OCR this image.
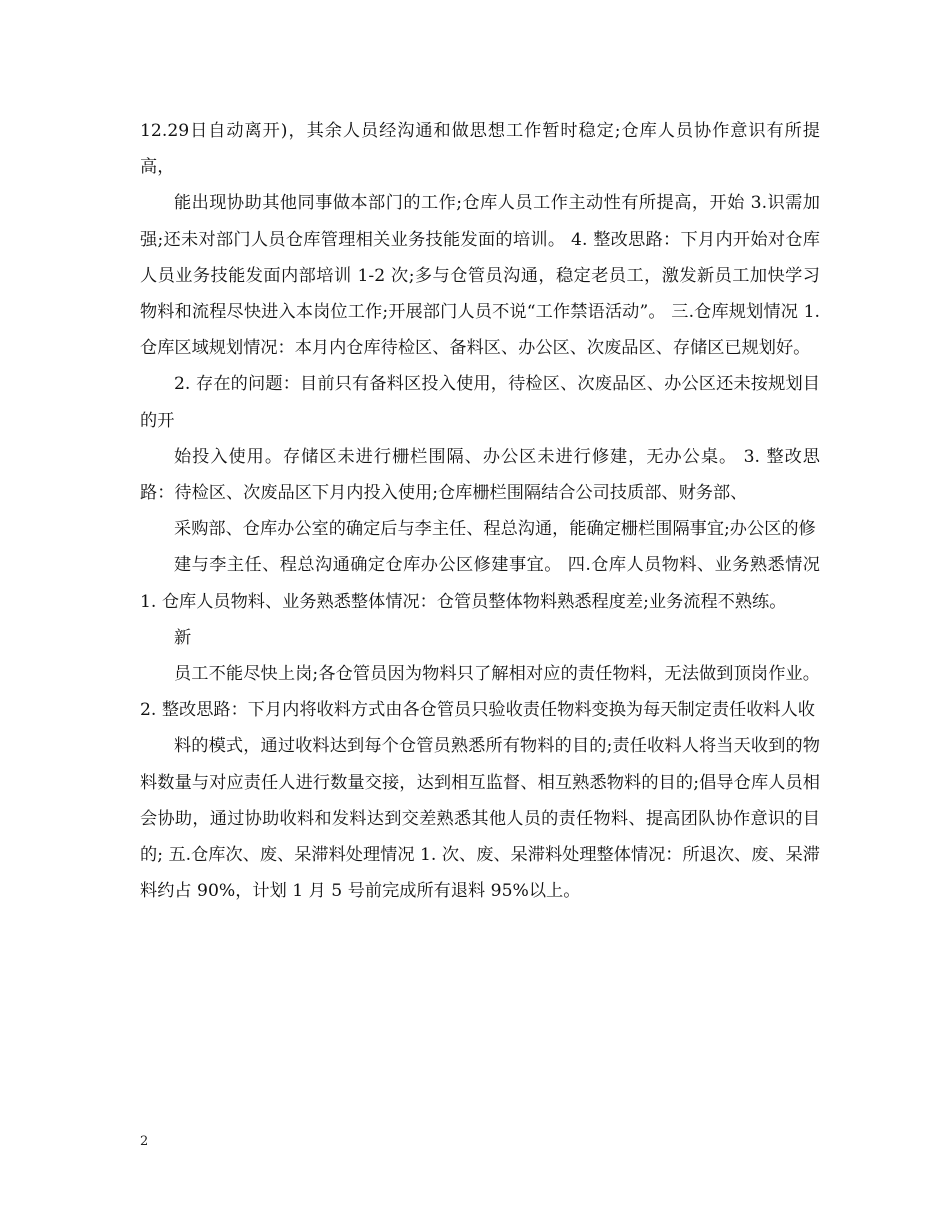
12.29日自动离开)，其余人员经沟通和做思想工作暂时稳定;仓库人员协作意识有所提高，

能出现协助其他同事做本部门的工作;仓库人员工作主动性有所提高，开始 3.识需加强;还未对部门人员仓库管理相关业务技能发面的培训。 4. 整改思路：下月内开始对仓库人员业务技能发面内部培训 1-2 次;多与仓管员沟通，稳定老员工，激发新员工加快学习物料和流程尽快进入本岗位工作;开展部门人员不说“工作禁语活动”。 三.仓库规划情况 1. 仓库区域规划情况：本月内仓库待检区、备料区、办公区、次废品区、存储区已规划好。

2. 存在的问题：目前只有备料区投入使用，待检区、次废品区、办公区还未按规划目的开

始投入使用。存储区未进行栅栏围隔、办公区未进行修建，无办公桌。 3. 整改思路：待检区、次废品区下月内投入使用;仓库栅栏围隔结合公司技质部、财务部、

采购部、仓库办公室的确定后与李主任、程总沟通，能确定栅栏围隔事宜;办公区的修

建与李主任、程总沟通确定仓库办公区修建事宜。 四.仓库人员物料、业务熟悉情况 1. 仓库人员物料、业务熟悉整体情况：仓管员整体物料熟悉程度差;业务流程不熟练。

新

员工不能尽快上岗;各仓管员因为物料只了解相对应的责任物料，无法做到顶岗作业。 2. 整改思路：下月内将收料方式由各仓管员只验收责任物料变换为每天制定责任收料人收

料的模式，通过收料达到每个仓管员熟悉所有物料的目的;责任收料人将当天收到的物料数量与对应责任人进行数量交接，达到相互监督、相互熟悉物料的目的;倡导仓库人员相会协助，通过协助收料和发料达到交差熟悉其他人员的责任物料、提高团队协作意识的目的; 五.仓库次、废、呆滞料处理情况 1. 次、废、呆滞料处理整体情况：所退次、废、呆滞料约占 90%，计划 1 月 5 号前完成所有退料 95%以上。

2
